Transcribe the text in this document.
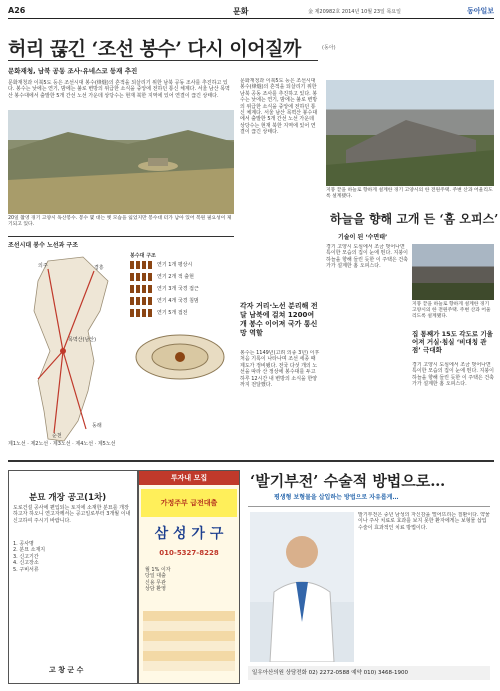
A26	문화	金 제20982호 2014년 10월 23일 목요일	동아일보
허리 끊긴 ‘조선 봉수’ 다시 이어질까	(동아)
문화재청, 남북 공동 조사·유네스코 등재 추진
문화재청과 이북5도 등은 조선시대 봉수(烽燧)의 흔적을 되살리기 위한 남북 공동 조사를 추진하고 있다. 봉수는 낮에는 연기, 밤에는 불로 변방의 위급한 소식을 중앙에 전하던 통신 체계다. 서울 남산 목멱산 봉수대에서 출발한 5개 간선 노선 가운데 상당수는 현재 북한 지역에 있어 연결이 끊긴 상태다.
20일 촬영 경기 고양시 독산봉수. 봉수 몇 대는 옛 모습을 잃었지만 봉수대 터가 남아 있어 복원 필요성이 제기되고 있다.
조선시대 봉수 노선과 구조
목멱산(남산)
경흥
동래
순천
의주
봉수대 구조
연기 1개 평상시
연기 2개 적 출현
연기 3개 국경 접근
연기 4개 국경 침범
연기 5개 접전
제1노선 · 제2노선 · 제3노선 · 제4노선 · 제5노선
문화재청과 이북5도 등은 조선시대 봉수(烽燧)의 흔적을 되살리기 위한 남북 공동 조사를 추진하고 있다. 봉수는 낮에는 연기, 밤에는 불로 변방의 위급한 소식을 중앙에 전하던 통신 체계다. 서울 남산 목멱산 봉수대에서 출발한 5개 간선 노선 가운데 상당수는 현재 북한 지역에 있어 연결이 끊긴 상태다.
각자 거리·노선 분리해 전달 남북에 걸쳐 1200여개 봉수 이어져 국가 통신망 역할
봉수는 1149년(고려 의종 3년) 이후 처음 기록이 나타나며 조선 세종 때 제도가 정비됐다. 전국 다섯 개의 노선을 따라 산 정상에 봉수대를 두고 하루 12시간 내 변방의 소식을 한양까지 전달했다.
지붕 끝을 하늘로 향하게 설계한 경기 고양시의 한 전원주택. 주변 산과 어울리도록 설계됐다.
하늘을 향해 고개 든 ‘홈 오피스’
기술이 된 ‘수면태’
경기 고양시 도심에서 조금 벗어나면 특이한 모습의 집이 눈에 띈다. 지붕이 하늘을 향해 들린 듯한 이 주택은 건축가가 설계한 홈 오피스다.
지붕 끝을 하늘로 향하게 설계한 경기 고양시의 한 전원주택. 주변 산과 어울리도록 설계됐다.
집 통째가 15도 각도로 기울어져 거실·침실 ‘비대칭 관점’ 극대화
경기 고양시 도심에서 조금 벗어나면 특이한 모습의 집이 눈에 띈다. 지붕이 하늘을 향해 들린 듯한 이 주택은 건축가가 설계한 홈 오피스다.
분묘 개장 공고(1차)
도로건설 공사에 편입되는 토지에 소재한 분묘를 개장하고자 하오니 연고자께서는 공고일로부터 3개월 이내 신고하여 주시기 바랍니다.
1. 공사명
2. 분묘 소재지
3. 신고기간
4. 신고장소
5. 구비서류
고 창 군 수
투자내 모집
가정주부 급전대출
삼 성 가 구
010-5327-8228
월 1% 이자
당일 대출
신용 무관
상담 환영
‘발기부전’ 수술적 방법으로…
평생형 보형물을 삽입하는 방법으로 자유롭게…
발기부전은 중년 남성의 자신감을 떨어뜨리는 질환이다. 약물이나 주사 치료로 효과를 보지 못한 환자에게는 보형물 삽입 수술이 효과적인 치료 방법이다.
일우아산의원 상담전화 02) 2272-0588 예약 010) 3468-1900
